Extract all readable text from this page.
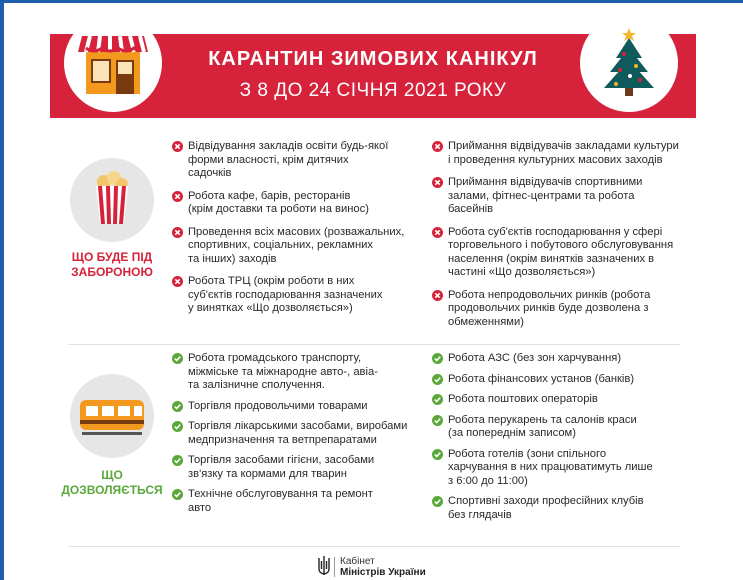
КАРАНТИН ЗИМОВИХ КАНІКУЛ
З 8 ДО 24 СІЧНЯ 2021 РОКУ
ЩО БУДЕ ПІД
ЗАБОРОНОЮ
Відвідування закладів освіти будь-якої
форми власності, крім дитячих
садочків
Робота кафе, барів, ресторанів
(крім доставки та роботи на винос)
Проведення всіх масових (розважальних,
спортивних, соціальних, рекламних
та інших) заходів
Робота ТРЦ (окрім роботи в них
суб'єктів господарювання зазначених
у винятках «Що дозволяється»)
Приймання відвідувачів закладами культури
і проведення культурних масових заходів
Приймання відвідувачів спортивними
залами, фітнес-центрами та робота басейнів
Робота суб'єктів господарювання у сфері
торговельного і побутового обслуговування
населення (окрім винятків зазначених в
частині «Що дозволяється»)
Робота непродовольчих ринків (робота
продовольчих ринків буде дозволена з
обмеженнями)
ЩО
ДОЗВОЛЯЄТЬСЯ
Робота громадського транспорту,
міжміське та міжнародне авто-, авіа-
та залізничне сполучення.
Торгівля продовольчими товарами
Торгівля лікарськими засобами, виробами
медпризначення та ветпрепаратами
Торгівля засобами гігієни, засобами
зв'язку та кормами для тварин
Технічне обслуговування та ремонт
авто
Робота АЗС (без зон харчування)
Робота фінансових установ (банків)
Робота поштових операторів
Робота перукарень та салонів краси
(за попереднім записом)
Робота готелів (зони спільного
харчування в них працюватимуть лише
з 6:00 до 11:00)
Спортивні заходи професійних клубів
без глядачів
Кабінет
Міністрів України
